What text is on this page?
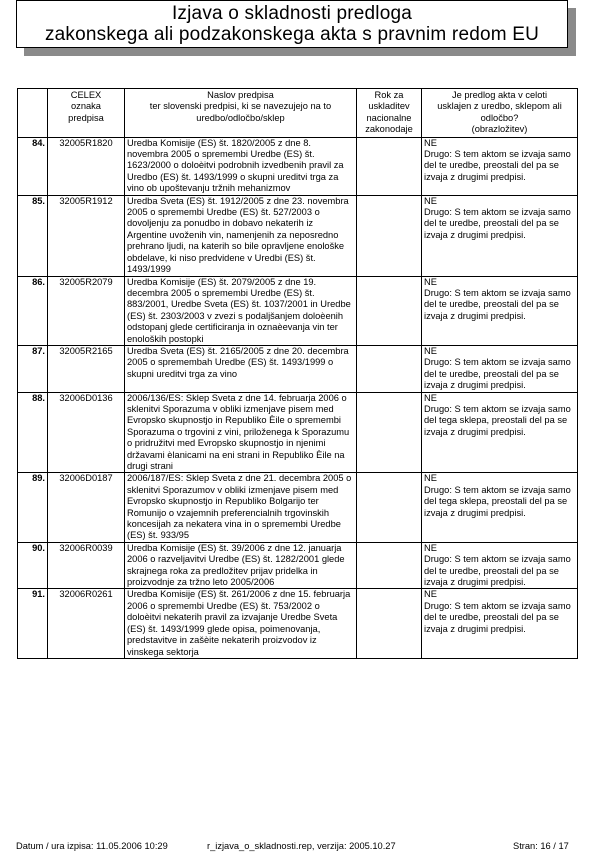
Izjava o skladnosti predloga
zakonskega ali podzakonskega akta s pravnim redom EU
	CELEX
oznaka
predpisa	Naslov predpisa
ter slovenski predpisi, ki se navezujejo na to
uredbo/odločbo/sklep	Rok za
uskladitev
nacionalne
zakonodaje	Je predlog akta v celoti
usklajen z uredbo, sklepom ali
odločbo?
(obrazložitev)
84.	32005R1820	Uredba Komisije (ES) št. 1820/2005 z dne 8. novembra 2005 o spremembi Uredbe (ES) št. 1623/2000 o doloèitvi podrobnih izvedbenih pravil za Uredbo (ES) št. 1493/1999 o skupni ureditvi trga za vino ob upoštevanju tržnih mehanizmov		NE
Drugo: S tem aktom se izvaja samo del te uredbe, preostali del pa se izvaja z drugimi predpisi.
85.	32005R1912	Uredba Sveta (ES) št. 1912/2005 z dne 23. novembra 2005 o spremembi Uredbe (ES) št. 527/2003 o dovoljenju za ponudbo in dobavo nekaterih iz Argentine uvoženih vin, namenjenih za neposredno prehrano ljudi, na katerih so bile opravljene enološke obdelave, ki niso predvidene v Uredbi (ES) št. 1493/1999		NE
Drugo: S tem aktom se izvaja samo del te uredbe, preostali del pa se izvaja z drugimi predpisi.
86.	32005R2079	Uredba Komisije (ES) št. 2079/2005 z dne 19. decembra 2005 o spremembi Uredbe (ES) št. 883/2001, Uredbe Sveta (ES) št. 1037/2001 in Uredbe (ES) št. 2303/2003 v zvezi s podaljšanjem doloèenih odstopanj glede certificiranja in oznaèevanja vin ter enoloških postopki		NE
Drugo: S tem aktom se izvaja samo del te uredbe, preostali del pa se izvaja z drugimi predpisi.
87.	32005R2165	Uredba Sveta (ES) št. 2165/2005 z dne 20. decembra 2005 o spremembah Uredbe (ES) št. 1493/1999 o skupni ureditvi trga za vino		NE
Drugo: S tem aktom se izvaja samo del te uredbe, preostali del pa se izvaja z drugimi predpisi.
88.	32006D0136	2006/136/ES: Sklep Sveta z dne 14. februarja 2006 o sklenitvi Sporazuma v obliki izmenjave pisem med Evropsko skupnostjo in Republiko Èile o spremembi Sporazuma o trgovini z vini, priloženega k Sporazumu o pridružitvi med Evropsko skupnostjo in njenimi državami èlanicami na eni strani in Republiko Èile na drugi strani		NE
Drugo: S tem aktom se izvaja samo del tega sklepa, preostali del pa se izvaja z drugimi predpisi.
89.	32006D0187	2006/187/ES: Sklep Sveta z dne 21. decembra 2005 o sklenitvi Sporazumov v obliki izmenjave pisem med Evropsko skupnostjo in Republiko Bolgarijo ter Romunijo o vzajemnih preferencialnih trgovinskih koncesijah za nekatera vina in o spremembi Uredbe (ES) št. 933/95		NE
Drugo: S tem aktom se izvaja samo del tega sklepa, preostali del pa se izvaja z drugimi predpisi.
90.	32006R0039	Uredba Komisije (ES) št. 39/2006 z dne 12. januarja 2006 o razveljavitvi Uredbe (ES) št. 1282/2001 glede skrajnega roka za predložitev prijav pridelka in proizvodnje za tržno leto 2005/2006		NE
Drugo: S tem aktom se izvaja samo del te uredbe, preostali del pa se izvaja z drugimi predpisi.
91.	32006R0261	Uredba Komisije (ES) št. 261/2006 z dne 15. februarja 2006 o spremembi Uredbe (ES) št. 753/2002 o doloèitvi nekaterih pravil za izvajanje Uredbe Sveta (ES) št. 1493/1999 glede opisa, poimenovanja, predstavitve in zašèite nekaterih proizvodov iz vinskega sektorja		NE
Drugo: S tem aktom se izvaja samo del te uredbe, preostali del pa se izvaja z drugimi predpisi.
Datum / ura izpisa: 11.05.2006 10:29	r_izjava_o_skladnosti.rep, verzija: 2005.10.27	Stran: 16 / 17
